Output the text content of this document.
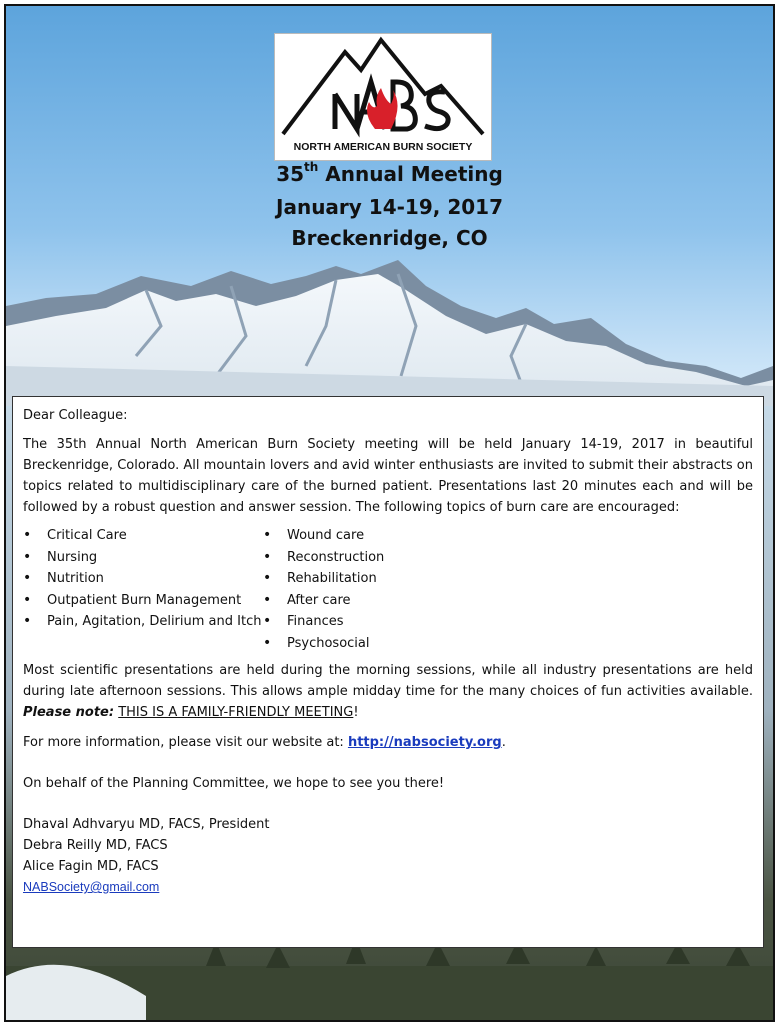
NORTH AMERICAN BURN SOCIETY
35th Annual Meeting
January 14-19, 2017
Breckenridge, CO

Dear Colleague:

The 35th Annual North American Burn Society meeting will be held January 14-19, 2017 in beautiful Breckenridge, Colorado. All mountain lovers and avid winter enthusiasts are invited to submit their abstracts on topics related to multidisciplinary care of the burned patient. Presentations last 20 minutes each and will be followed by a robust question and answer session. The following topics of burn care are encouraged:

• Critical Care
• Nursing
• Nutrition
• Outpatient Burn Management
• Pain, Agitation, Delirium and Itch
• Wound care
• Reconstruction
• Rehabilitation
• After care
• Finances
• Psychosocial

Most scientific presentations are held during the morning sessions, while all industry presentations are held during late afternoon sessions. This allows ample midday time for the many choices of fun activities available. Please note: THIS IS A FAMILY-FRIENDLY MEETING!

For more information, please visit our website at: http://nabsociety.org.

On behalf of the Planning Committee, we hope to see you there!

Dhaval Adhvaryu MD, FACS, President

Debra Reilly MD, FACS

Alice Fagin MD, FACS

NABSociety@gmail.com
